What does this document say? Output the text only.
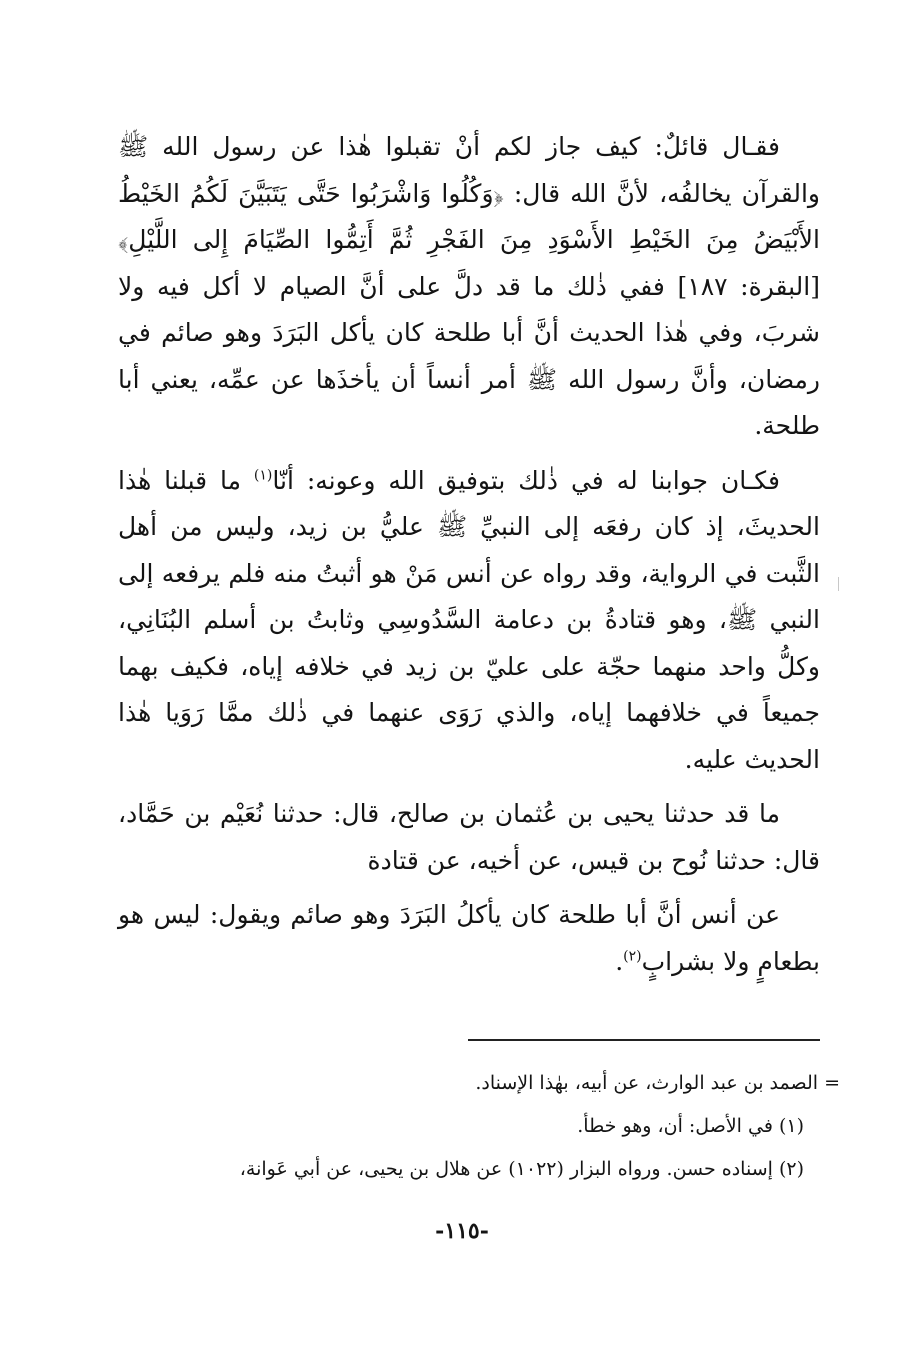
فقـال قائلٌ: كيف جاز لكم أنْ تقبلوا هٰذا عن رسول الله ﷺ والقرآن يخالفُه، لأنَّ الله قال: ﴿وَكُلُوا وَاشْرَبُوا حَتَّى يَتَبَيَّنَ لَكُمُ الخَيْطُ الأَبْيَضُ مِنَ الخَيْطِ الأَسْوَدِ مِنَ الفَجْرِ ثُمَّ أَتِمُّوا الصِّيَامَ إِلى اللَّيْلِ﴾ [البقرة: ١٨٧] ففي ذٰلك ما قد دلَّ على أنَّ الصيام لا أكل فيه ولا شربَ، وفي هٰذا الحديث أنَّ أبا طلحة كان يأكل البَرَدَ وهو صائم في رمضان، وأنَّ رسول الله ﷺ أمر أنساً أن يأخذَها عن عمِّه، يعني أبا طلحة.

فكـان جوابنا له في ذٰلك بتوفيق الله وعونه: أنّا$^{(١)}$ ما قبلنا هٰذا الحديثَ، إذ كان رفعَه إلى النبيِّ ﷺ عليُّ بن زيد، وليس من أهل الثَّبت في الرواية، وقد رواه عن أنس مَنْ هو أثبتُ منه فلم يرفعه إلى النبي ﷺ، وهو قتادةُ بن دعامة السَّدُوسِي وثابتُ بن أسلم البُنَانِي، وكلُّ واحد منهما حجّة على عليّ بن زيد في خلافه إياه، فكيف بهما جميعاً في خلافهما إياه، والذي رَوَى عنهما في ذٰلك ممَّا رَوَيا هٰذا الحديث عليه.

ما قد حدثنا يحيى بن عُثمان بن صالح، قال: حدثنا نُعَيْم بن حَمَّاد، قال: حدثنا نُوح بن قيس، عن أخيه، عن قتادة

عن أنس أنَّ أبا طلحة كان يأكلُ البَرَدَ وهو صائم ويقول: ليس هو بطعامٍ ولا بشرابٍ$^{(٢)}$.

= الصمد بن عبد الوارث، عن أبيه، بهٰذا الإسناد.

(١) في الأصل: أن، وهو خطأ.

(٢) إسناده حسن. ورواه البزار (١٠٢٢) عن هلال بن يحيى، عن أبي عَوانة،

-١١٥-
